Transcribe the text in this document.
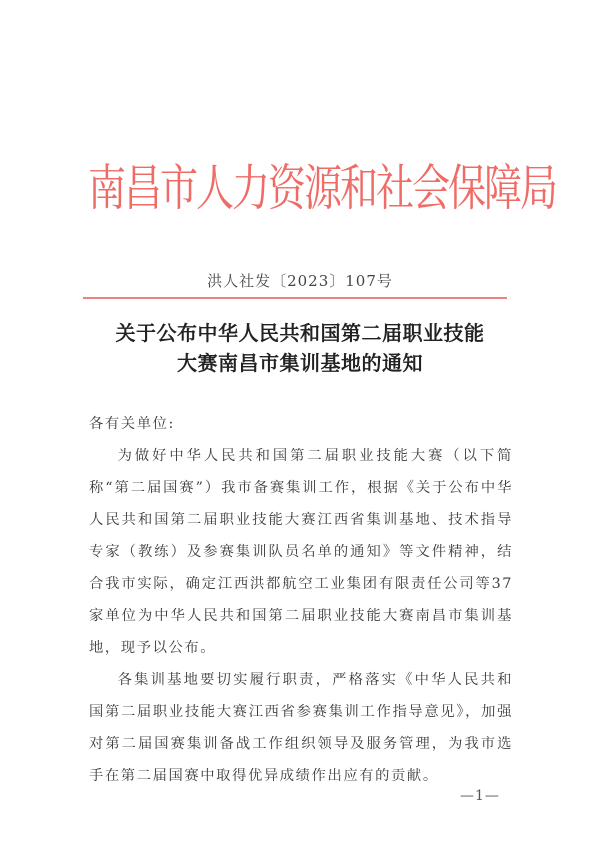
南昌市人力资源和社会保障局
洪人社发〔2023〕107号
关于公布中华人民共和国第二届职业技能
大赛南昌市集训基地的通知

各有关单位:

为做好中华人民共和国第二届职业技能大赛（以下简称“第二届国赛”）我市备赛集训工作，根据《关于公布中华人民共和国第二届职业技能大赛江西省集训基地、技术指导专家（教练）及参赛集训队员名单的通知》等文件精神，结合我市实际，确定江西洪都航空工业集团有限责任公司等37家单位为中华人民共和国第二届职业技能大赛南昌市集训基地，现予以公布。

各集训基地要切实履行职责，严格落实《中华人民共和国第二届职业技能大赛江西省参赛集训工作指导意见》，加强对第二届国赛集训备战工作组织领导及服务管理，为我市选手在第二届国赛中取得优异成绩作出应有的贡献。

—1—
